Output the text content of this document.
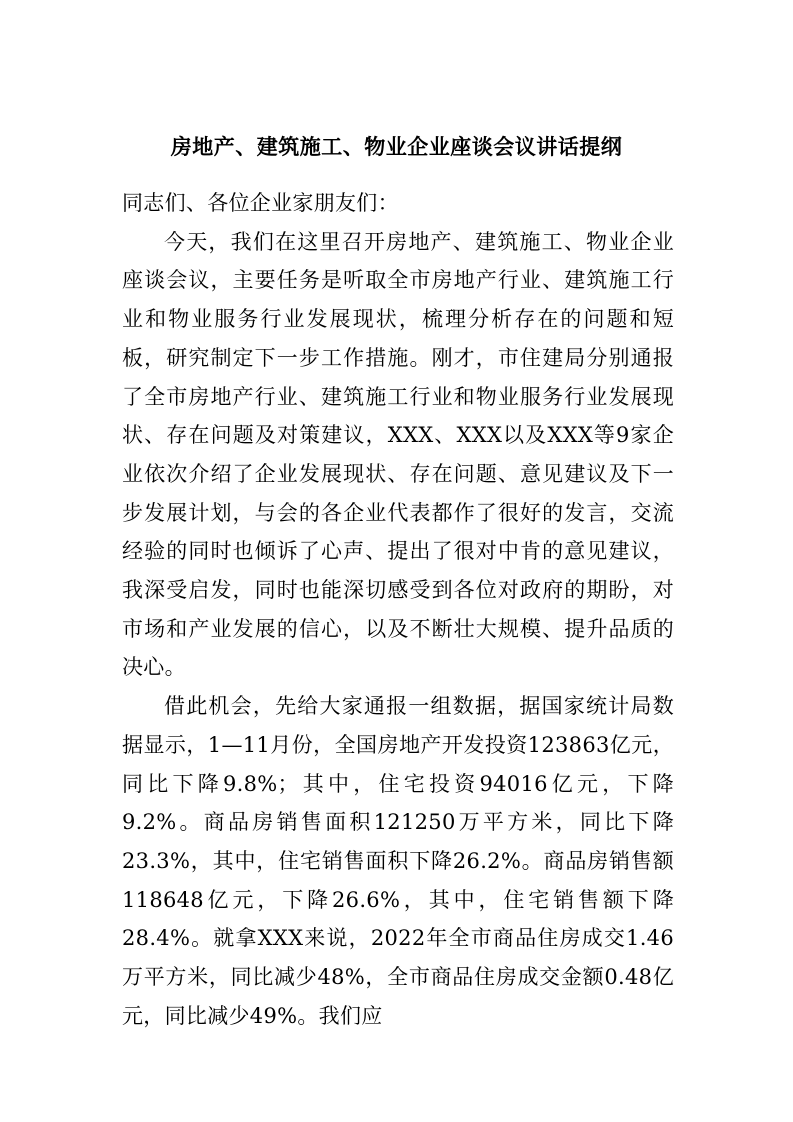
房地产、建筑施工、物业企业座谈会议讲话提纲

同志们、各位企业家朋友们：

今天，我们在这里召开房地产、建筑施工、物业企业座谈会议，主要任务是听取全市房地产行业、建筑施工行业和物业服务行业发展现状，梳理分析存在的问题和短板，研究制定下一步工作措施。刚才，市住建局分别通报了全市房地产行业、建筑施工行业和物业服务行业发展现状、存在问题及对策建议，XXX、XXX以及XXX等9家企业依次介绍了企业发展现状、存在问题、意见建议及下一步发展计划，与会的各企业代表都作了很好的发言，交流经验的同时也倾诉了心声、提出了很对中肯的意见建议，我深受启发，同时也能深切感受到各位对政府的期盼，对市场和产业发展的信心，以及不断壮大规模、提升品质的决心。

借此机会，先给大家通报一组数据，据国家统计局数据显示，1—11月份，全国房地产开发投资123863亿元，同比下降9.8%；其中，住宅投资94016亿元，下降9.2%。商品房销售面积121250万平方米，同比下降23.3%，其中，住宅销售面积下降26.2%。商品房销售额118648亿元，下降26.6%，其中，住宅销售额下降28.4%。就拿XXX来说，2022年全市商品住房成交1.46万平方米，同比减少48%，全市商品住房成交金额0.48亿元，同比减少49%。我们应
